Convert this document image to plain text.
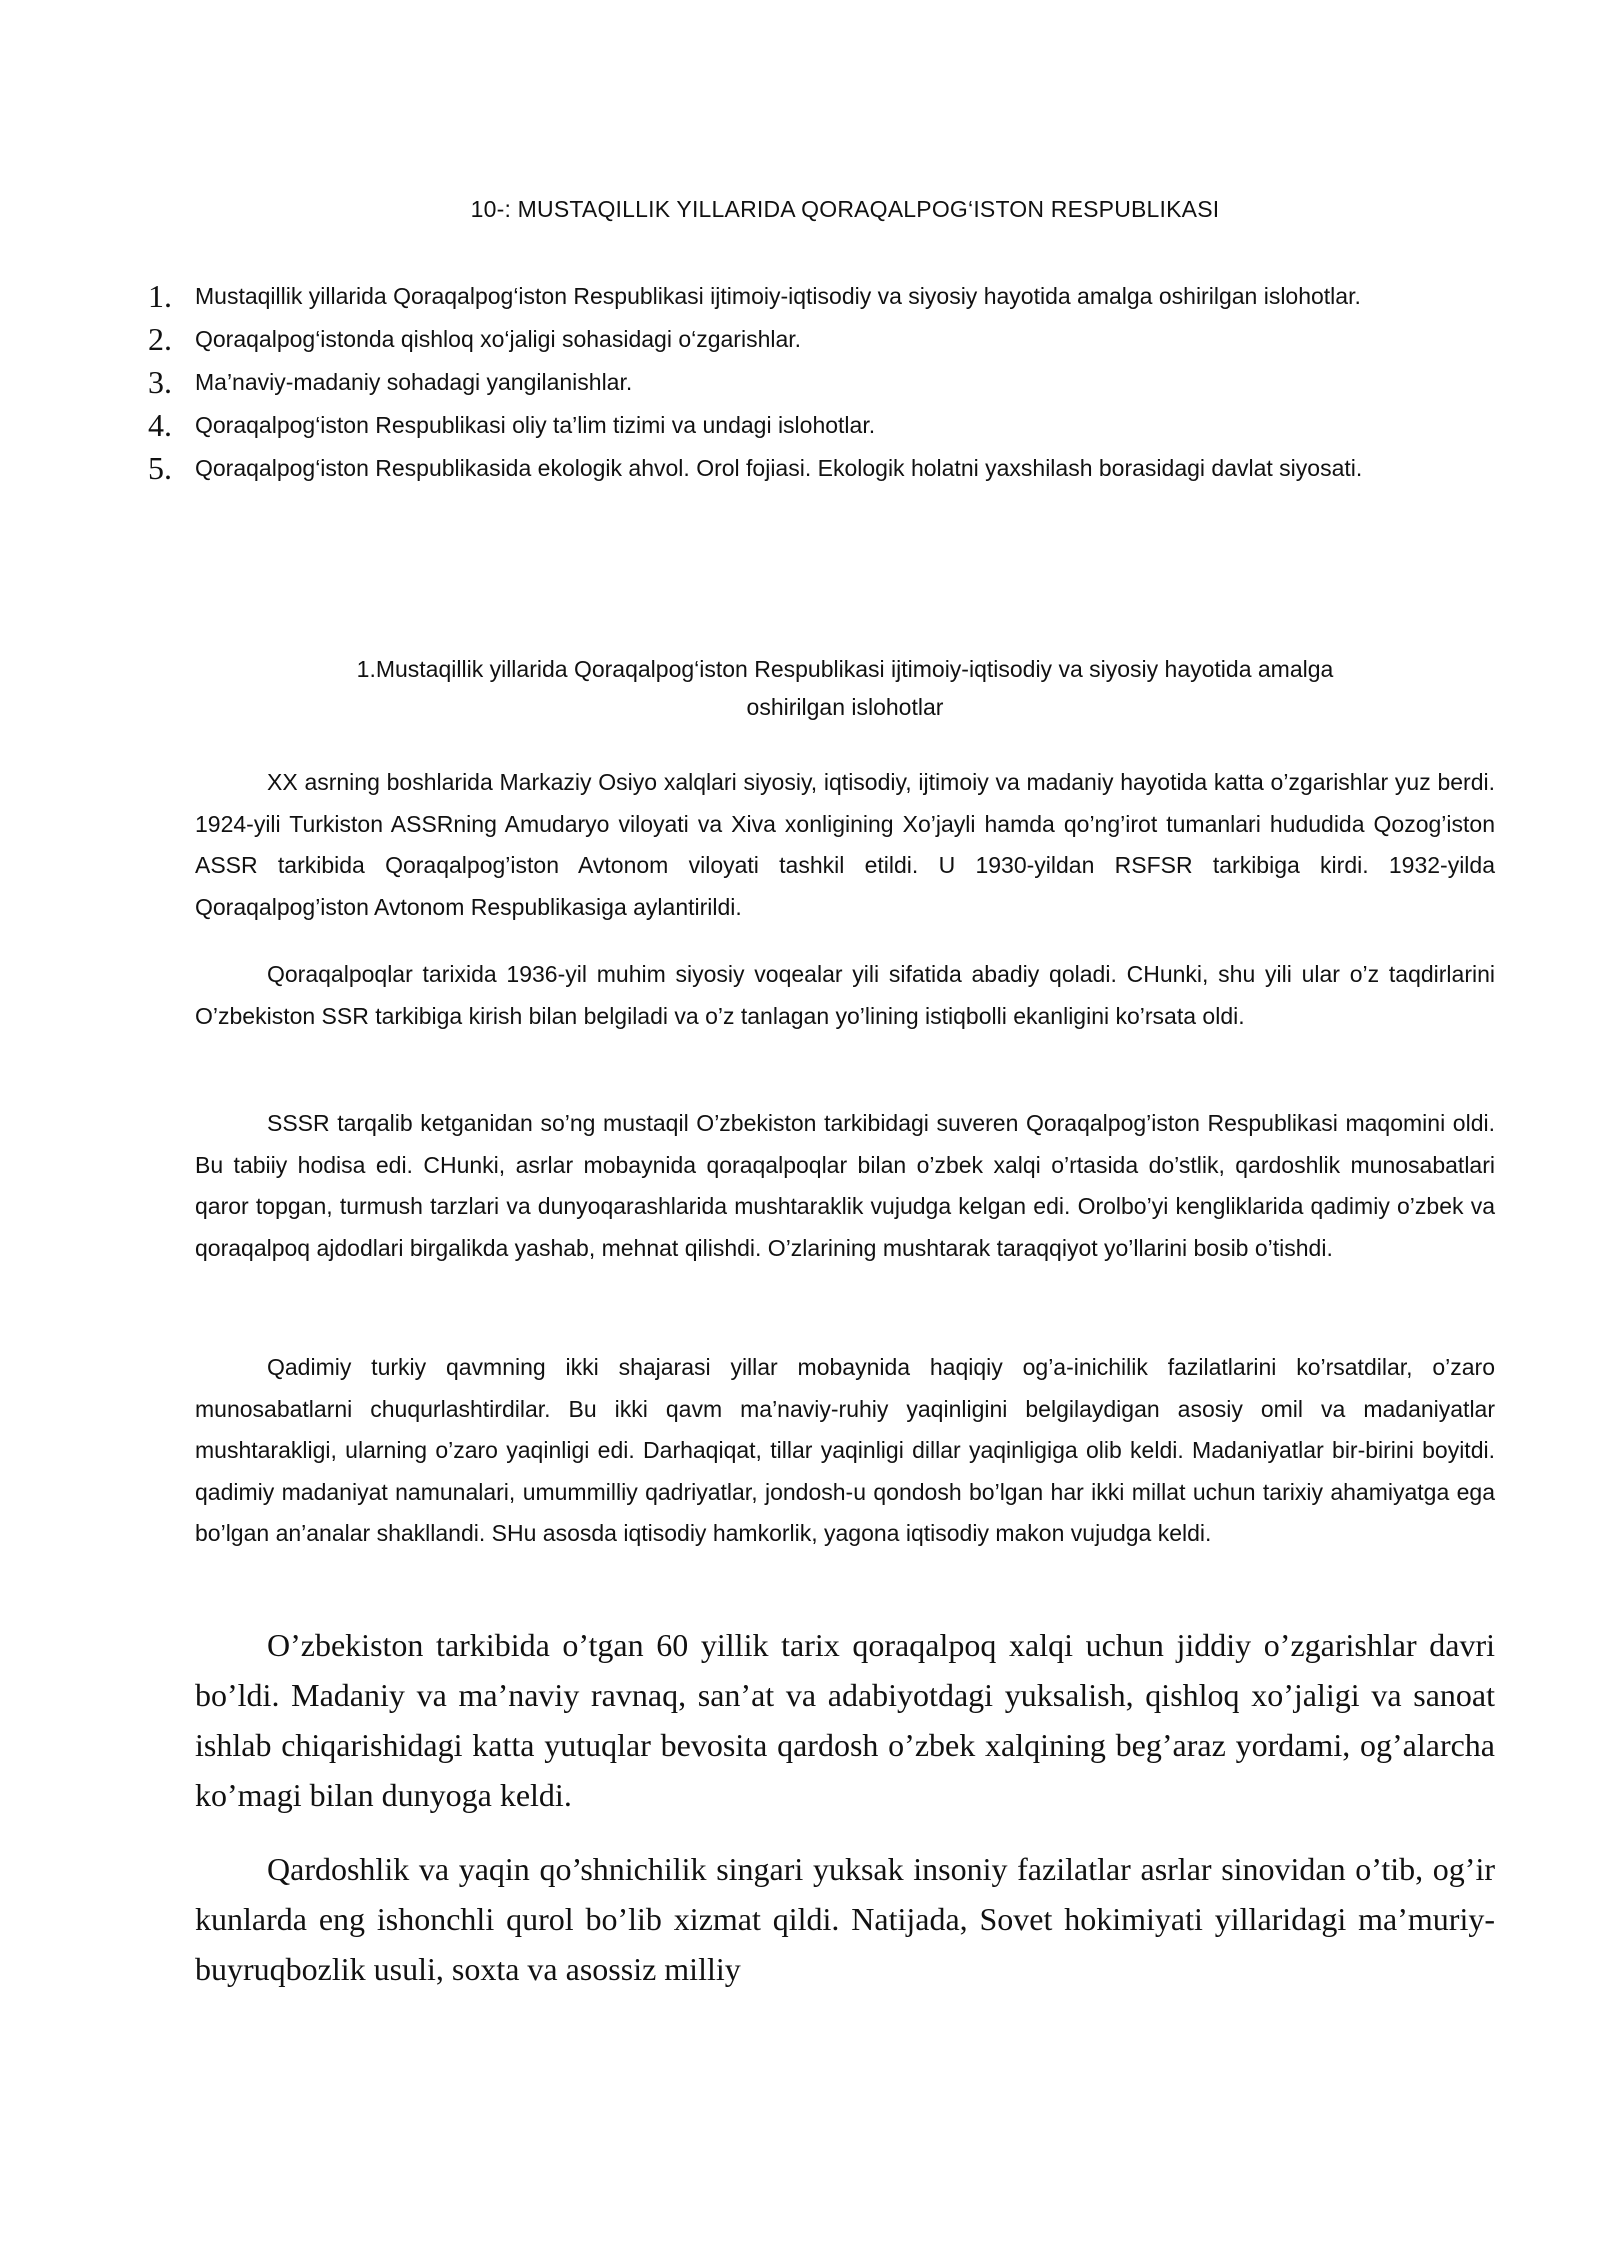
10-: MUSTAQILLIK YILLARIDA QORAQALPOG‘ISTON RESPUBLIKASI
1. Mustaqillik yillarida Qoraqalpog‘iston Respublikasi ijtimoiy-iqtisodiy va siyosiy hayotida amalga oshirilgan islohotlar.
2. Qoraqalpog‘istonda qishloq xo‘jaligi sohasidagi o‘zgarishlar.
3. Ma’naviy-madaniy sohadagi yangilanishlar.
4. Qoraqalpog‘iston Respublikasi oliy ta’lim tizimi va undagi islohotlar.
5. Qoraqalpog‘iston Respublikasida ekologik ahvol. Orol fojiasi. Ekologik holatni yaxshilash borasidagi davlat siyosati.
1.Mustaqillik yillarida Qoraqalpog‘iston Respublikasi ijtimoiy-iqtisodiy va siyosiy hayotida amalga
oshirilgan islohotlar

XX asrning boshlarida Markaziy Osiyo xalqlari siyosiy, iqtisodiy, ijtimoiy va madaniy hayotida katta o’zgarishlar yuz berdi. 1924-yili Turkiston ASSRning Amudaryo viloyati va Xiva xonligining Xo’jayli hamda qo’ng’irot tumanlari hududida Qozog’iston ASSR tarkibida Qoraqalpog’iston Avtonom viloyati tashkil etildi. U 1930-yildan RSFSR tarkibiga kirdi. 1932-yilda Qoraqalpog’iston Avtonom Respublikasiga aylantirildi.

Qoraqalpoqlar tarixida 1936-yil muhim siyosiy voqealar yili sifatida abadiy qoladi. CHunki, shu yili ular o’z taqdirlarini O’zbekiston SSR tarkibiga kirish bilan belgiladi va o’z tanlagan yo’lining istiqbolli ekanligini ko’rsata oldi.

SSSR tarqalib ketganidan so’ng mustaqil O’zbekiston tarkibidagi suveren Qoraqalpog’iston Respublikasi maqomini oldi. Bu tabiiy hodisa edi. CHunki, asrlar mobaynida qoraqalpoqlar bilan o’zbek xalqi o’rtasida do’stlik, qardoshlik munosabatlari qaror topgan, turmush tarzlari va dunyoqarashlarida mushtaraklik vujudga kelgan edi. Orolbo’yi kengliklarida qadimiy o’zbek va qoraqalpoq ajdodlari birgalikda yashab, mehnat qilishdi. O’zlarining mushtarak taraqqiyot yo’llarini bosib o’tishdi.

Qadimiy turkiy qavmning ikki shajarasi yillar mobaynida haqiqiy og’a-inichilik fazilatlarini ko’rsatdilar, o’zaro munosabatlarni chuqurlashtirdilar. Bu ikki qavm ma’naviy-ruhiy yaqinligini belgilaydigan asosiy omil va madaniyatlar mushtarakligi, ularning o’zaro yaqinligi edi. Darhaqiqat, tillar yaqinligi dillar yaqinligiga olib keldi. Madaniyatlar bir-birini boyitdi. qadimiy madaniyat namunalari, umummilliy qadriyatlar, jondosh-u qondosh bo’lgan har ikki millat uchun tarixiy ahamiyatga ega bo’lgan an’analar shakllandi. SHu asosda iqtisodiy hamkorlik, yagona iqtisodiy makon vujudga keldi.

O’zbekiston tarkibida o’tgan 60 yillik tarix qoraqalpoq xalqi uchun jiddiy o’zgarishlar davri bo’ldi. Madaniy va ma’naviy ravnaq, san’at va adabiyotdagi yuksalish, qishloq xo’jaligi va sanoat ishlab chiqarishidagi katta yutuqlar bevosita qardosh o’zbek xalqining beg’araz yordami, og’alarcha ko’magi bilan dunyoga keldi.

Qardoshlik va yaqin qo’shnichilik singari yuksak insoniy fazilatlar asrlar sinovidan o’tib, og’ir kunlarda eng ishonchli qurol bo’lib xizmat qildi. Natijada, Sovet hokimiyati yillaridagi ma’muriy-buyruqbozlik usuli, soxta va asossiz milliy
